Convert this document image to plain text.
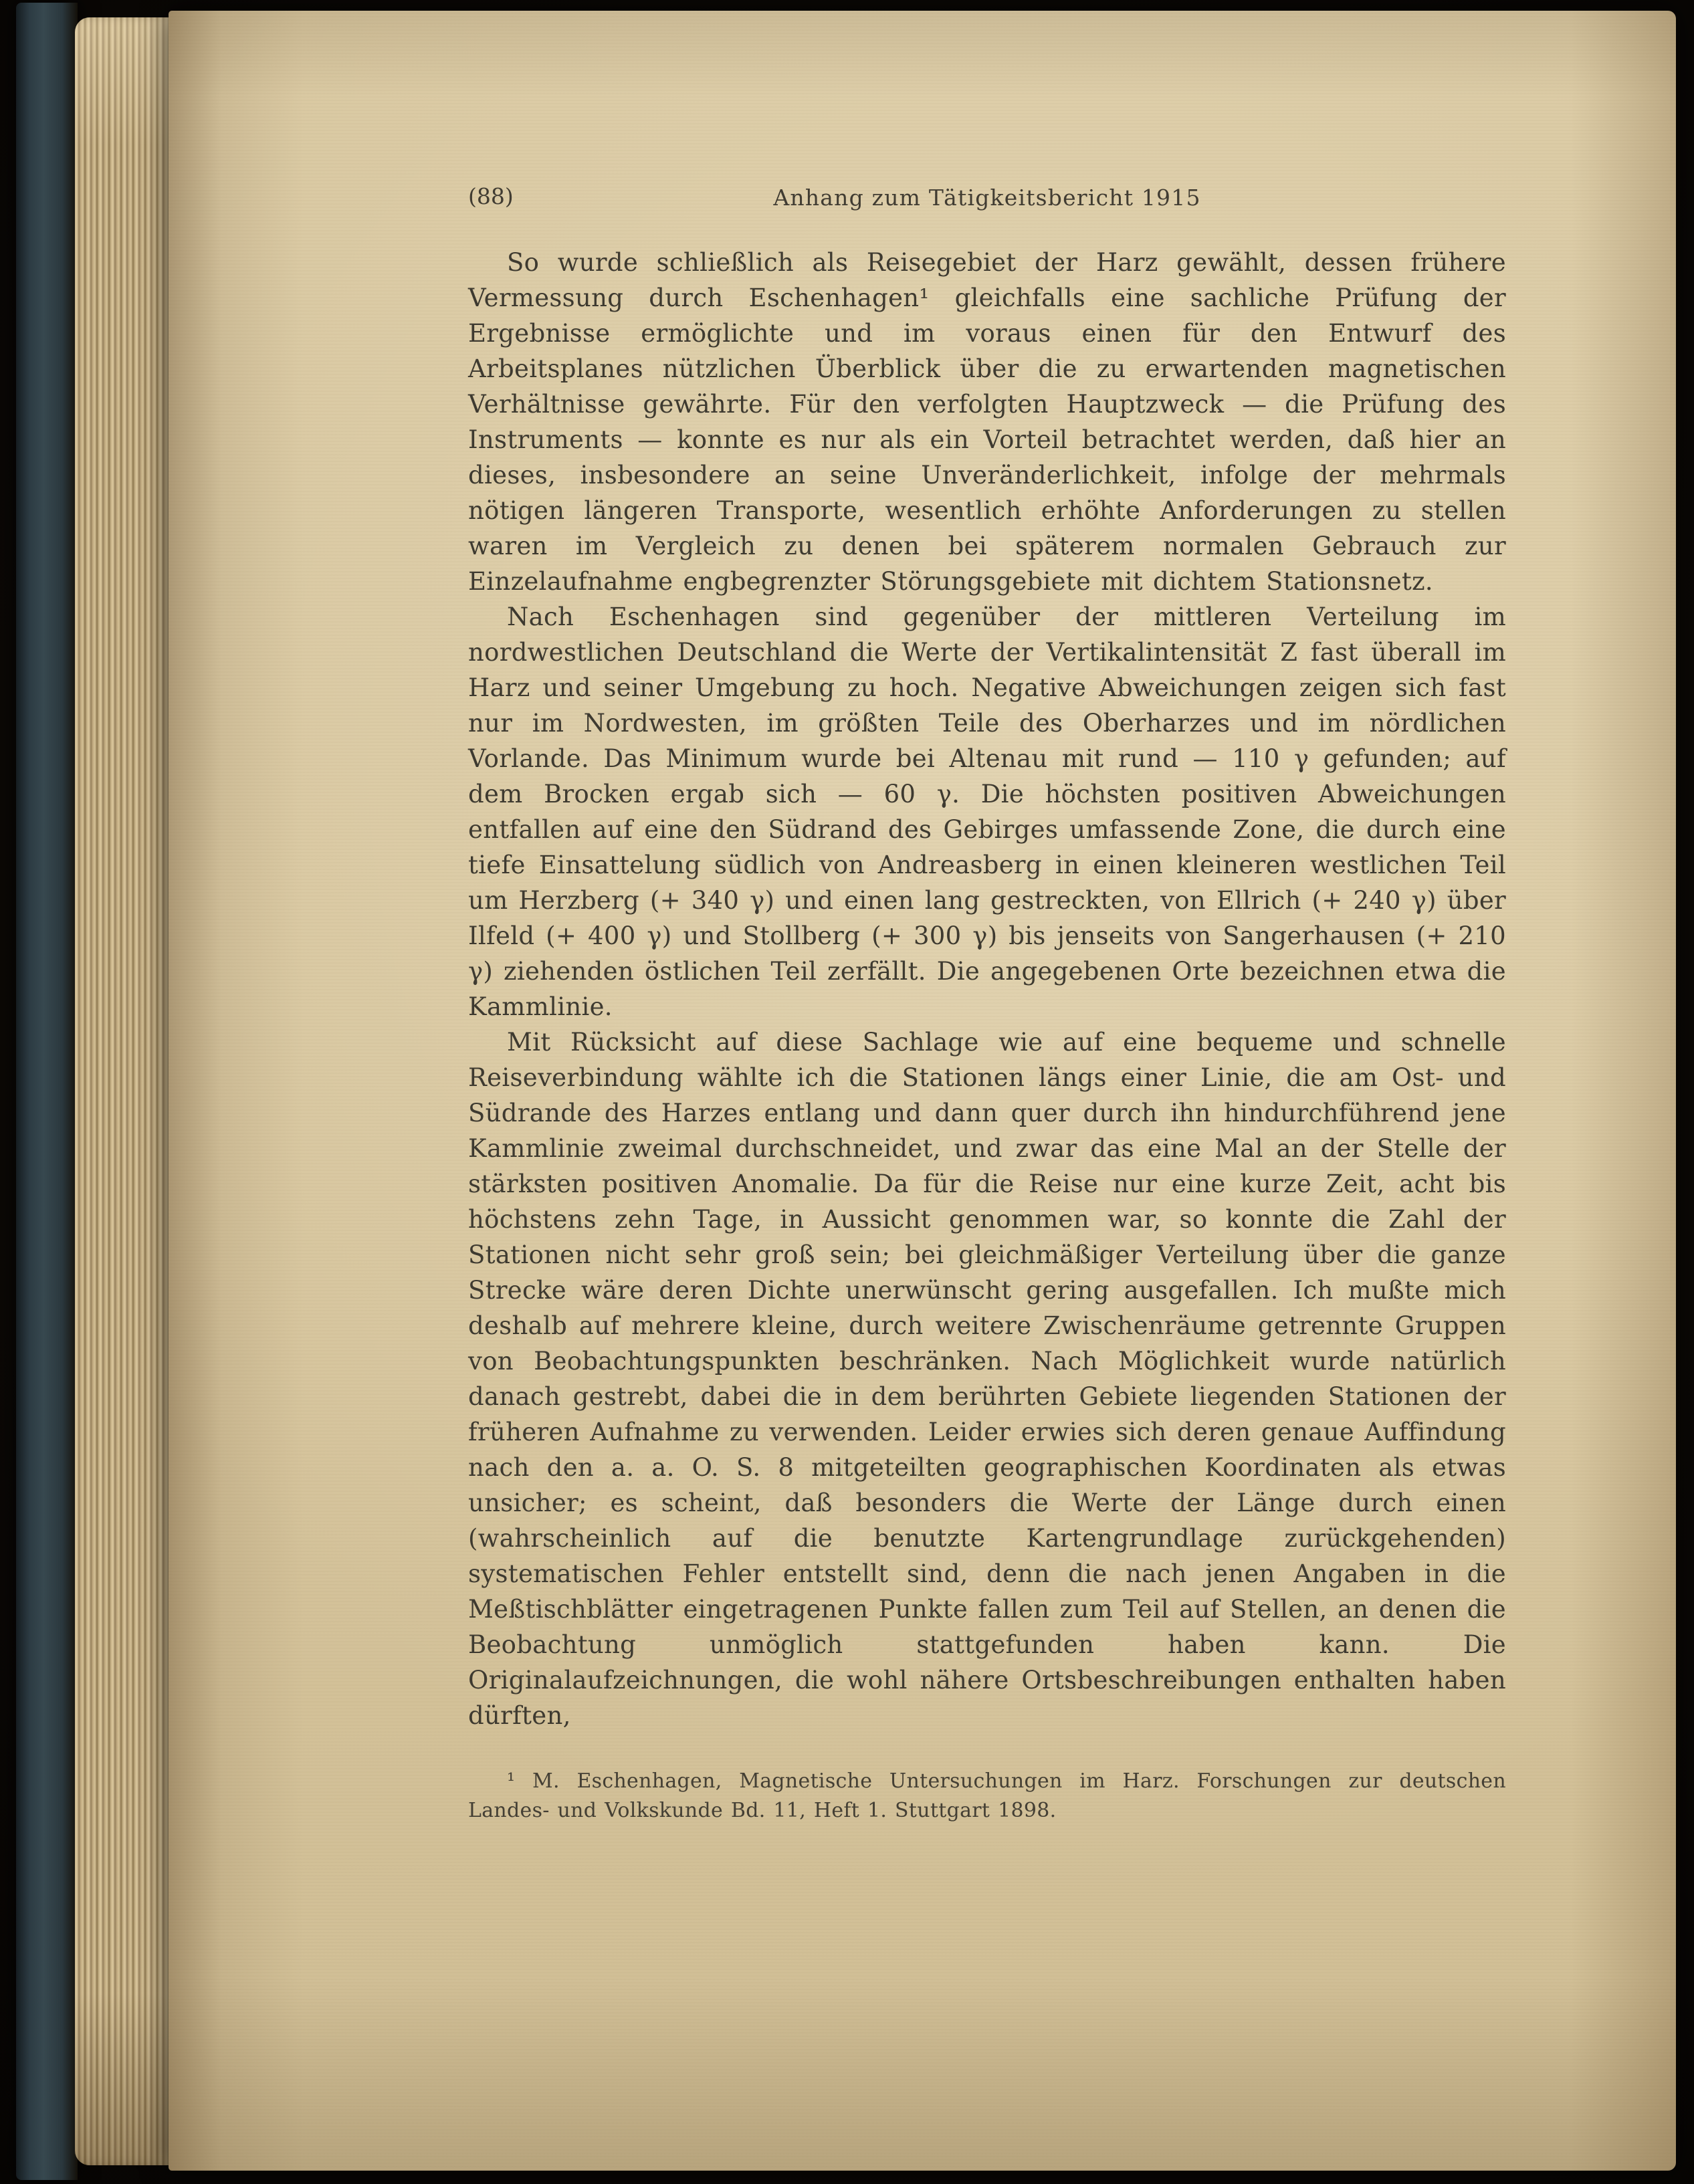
(88)	Anhang zum Tätigkeitsbericht 1915

So wurde schließlich als Reisegebiet der Harz gewählt, dessen frühere Vermessung durch Eschenhagen¹ gleichfalls eine sachliche Prüfung der Ergebnisse ermöglichte und im voraus einen für den Entwurf des Arbeitsplanes nützlichen Überblick über die zu erwartenden magnetischen Verhältnisse gewährte. Für den verfolgten Hauptzweck — die Prüfung des Instruments — konnte es nur als ein Vorteil betrachtet werden, daß hier an dieses, insbesondere an seine Unveränderlichkeit, infolge der mehrmals nötigen längeren Transporte, wesentlich erhöhte Anforderungen zu stellen waren im Vergleich zu denen bei späterem normalen Gebrauch zur Einzelaufnahme engbegrenzter Störungsgebiete mit dichtem Stationsnetz.

Nach Eschenhagen sind gegenüber der mittleren Verteilung im nordwestlichen Deutschland die Werte der Vertikalintensität Z fast überall im Harz und seiner Umgebung zu hoch. Negative Abweichungen zeigen sich fast nur im Nordwesten, im größten Teile des Oberharzes und im nördlichen Vorlande. Das Minimum wurde bei Altenau mit rund — 110 γ gefunden; auf dem Brocken ergab sich — 60 γ. Die höchsten positiven Abweichungen entfallen auf eine den Südrand des Gebirges umfassende Zone, die durch eine tiefe Einsattelung südlich von Andreasberg in einen kleineren westlichen Teil um Herzberg (+ 340 γ) und einen lang gestreckten, von Ellrich (+ 240 γ) über Ilfeld (+ 400 γ) und Stollberg (+ 300 γ) bis jenseits von Sangerhausen (+ 210 γ) ziehenden östlichen Teil zerfällt. Die angegebenen Orte bezeichnen etwa die Kammlinie.

Mit Rücksicht auf diese Sachlage wie auf eine bequeme und schnelle Reiseverbindung wählte ich die Stationen längs einer Linie, die am Ost- und Südrande des Harzes entlang und dann quer durch ihn hindurchführend jene Kammlinie zweimal durchschneidet, und zwar das eine Mal an der Stelle der stärksten positiven Anomalie. Da für die Reise nur eine kurze Zeit, acht bis höchstens zehn Tage, in Aussicht genommen war, so konnte die Zahl der Stationen nicht sehr groß sein; bei gleichmäßiger Verteilung über die ganze Strecke wäre deren Dichte unerwünscht gering ausgefallen. Ich mußte mich deshalb auf mehrere kleine, durch weitere Zwischenräume getrennte Gruppen von Beobachtungspunkten beschränken. Nach Möglichkeit wurde natürlich danach gestrebt, dabei die in dem berührten Gebiete liegenden Stationen der früheren Aufnahme zu verwenden. Leider erwies sich deren genaue Auffindung nach den a. a. O. S. 8 mitgeteilten geographischen Koordinaten als etwas unsicher; es scheint, daß besonders die Werte der Länge durch einen (wahrscheinlich auf die benutzte Kartengrundlage zurückgehenden) systematischen Fehler entstellt sind, denn die nach jenen Angaben in die Meßtischblätter eingetragenen Punkte fallen zum Teil auf Stellen, an denen die Beobachtung unmöglich stattgefunden haben kann. Die Originalaufzeichnungen, die wohl nähere Ortsbeschreibungen enthalten haben dürften,

¹ M. Eschenhagen, Magnetische Untersuchungen im Harz. Forschungen zur deutschen Landes- und Volkskunde Bd. 11, Heft 1. Stuttgart 1898.
